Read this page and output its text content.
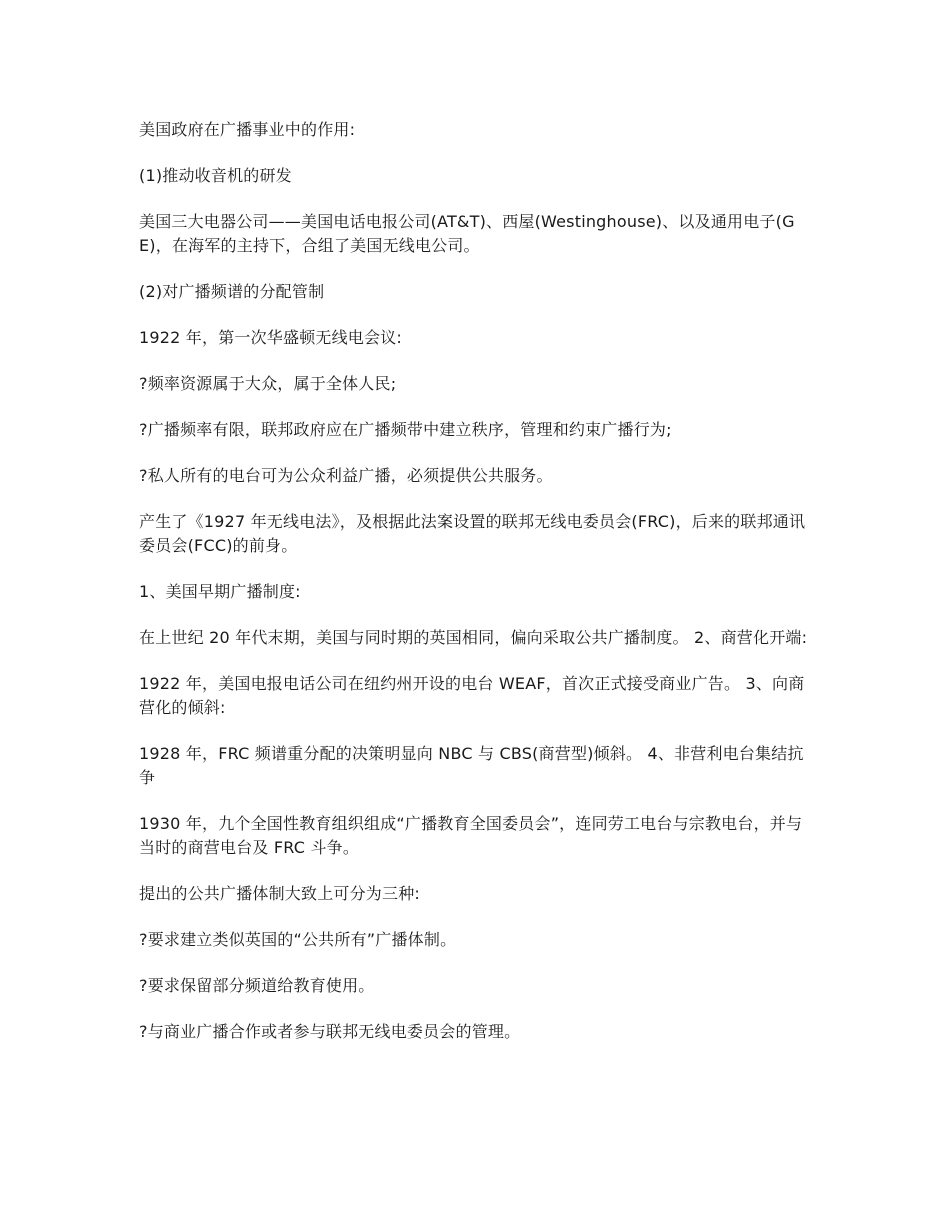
美国政府在广播事业中的作用:

(1)推动收音机的研发

美国三大电器公司——美国电话电报公司(AT&T)、西屋(Westinghouse)、以及通用电子(GE)，在海军的主持下，合组了美国无线电公司。

(2)对广播频谱的分配管制

1922 年，第一次华盛顿无线电会议:

?频率资源属于大众，属于全体人民;

?广播频率有限，联邦政府应在广播频带中建立秩序，管理和约束广播行为;

?私人所有的电台可为公众利益广播，必须提供公共服务。

产生了《1927 年无线电法》，及根据此法案设置的联邦无线电委员会(FRC)，后来的联邦通讯委员会(FCC)的前身。

1、美国早期广播制度:

在上世纪 20 年代末期，美国与同时期的英国相同，偏向采取公共广播制度。 2、商营化开端:

1922 年，美国电报电话公司在纽约州开设的电台 WEAF，首次正式接受商业广告。 3、向商营化的倾斜:

1928 年，FRC 频谱重分配的决策明显向 NBC 与 CBS(商营型)倾斜。 4、非营利电台集结抗争

1930 年，九个全国性教育组织组成“广播教育全国委员会”，连同劳工电台与宗教电台，并与当时的商营电台及 FRC 斗争。

提出的公共广播体制大致上可分为三种:

?要求建立类似英国的“公共所有”广播体制。

?要求保留部分频道给教育使用。

?与商业广播合作或者参与联邦无线电委员会的管理。
